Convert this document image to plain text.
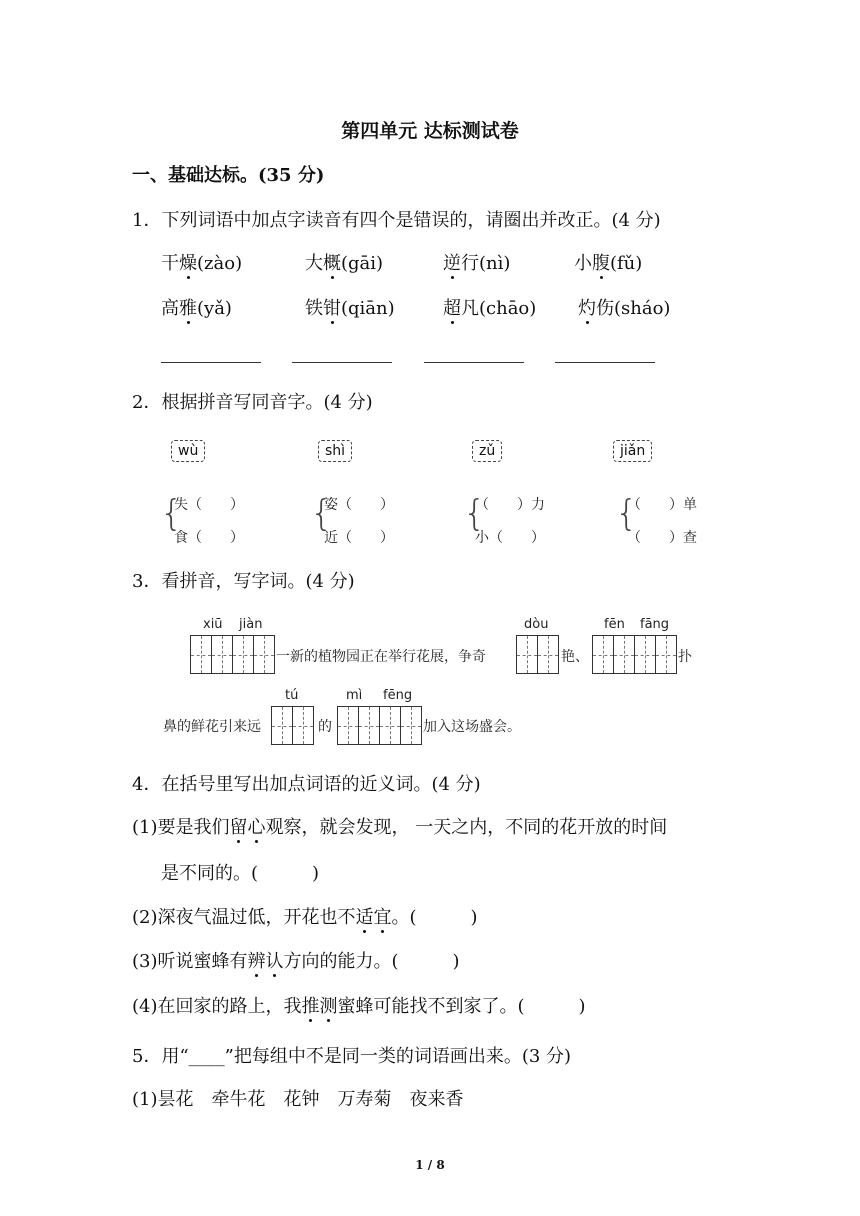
第四单元 达标测试卷
一、基础达标。(35 分)
1．下列词语中加点字读音有四个是错误的，请圈出并改正。(4 分)
干燥(zào)	大概(gāi)	逆行(nì)	小腹(fǔ)
高雅(yǎ)	铁钳(qiān)	超凡(chāo) 灼伤(sháo)
2．根据拼音写同音字。(4 分)
wù	shì	zǔ	jiǎn
{
失（　　）
食（　　）
{
姿（　　）
近（　　）
{
（　　）力
小（　　）
{
（　　）单
（　　）查
3．看拼音，写字词。(4 分)
xiū jiàn
一新的植物园正在举行花展，争奇
dòu
艳、
fēn fāng
扑
鼻的鲜花引来远
tú
的
mì fēng
加入这场盛会。
4．在括号里写出加点词语的近义词。(4 分)
(1)要是我们留心观察，就会发现， 一天之内，不同的花开放的时间
是不同的。(　　　)
(2)深夜气温过低，开花也不适宜。(　　　)
(3)听说蜜蜂有辨认方向的能力。(　　　)
(4)在回家的路上，我推测蜜蜂可能找不到家了。(　　　)
5．用“____”把每组中不是同一类的词语画出来。(3 分)
(1)昙花　牵牛花　花钟　万寿菊　夜来香
1 / 8
